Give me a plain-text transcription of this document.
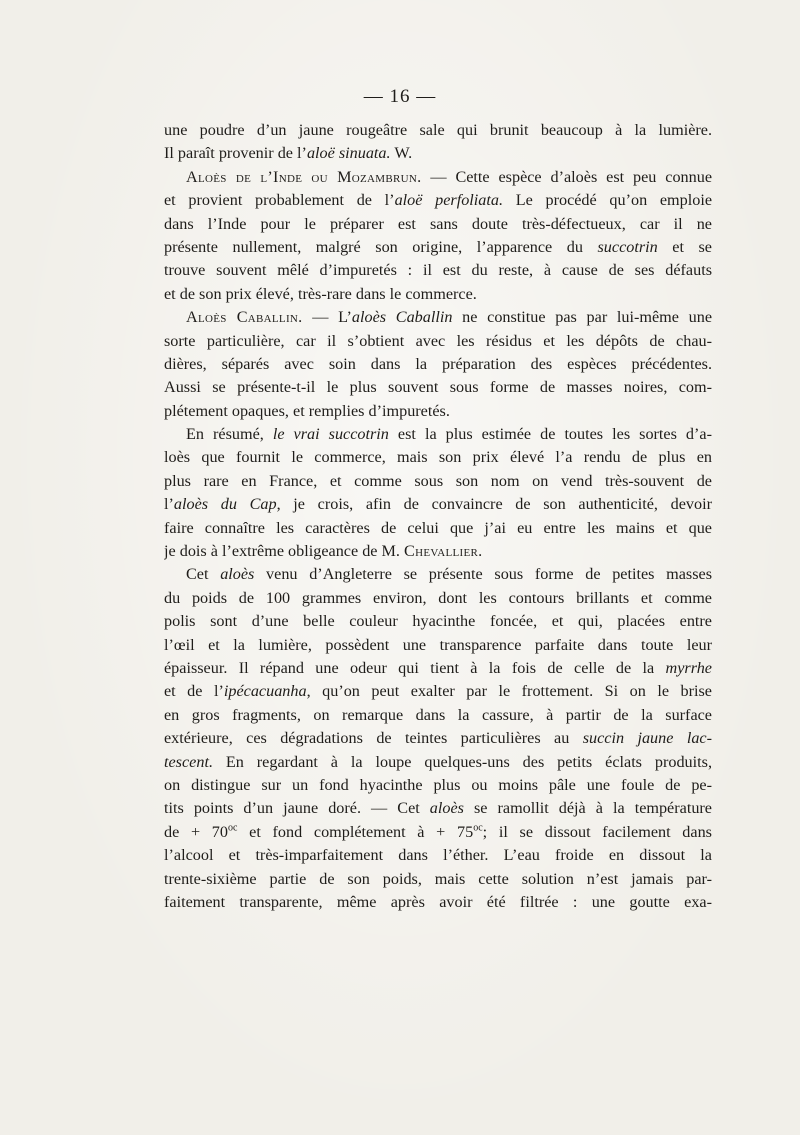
— 16 —
une poudre d’un jaune rougeâtre sale qui brunit beaucoup à la lumière.
Il paraît provenir de l’aloë sinuata. W.
Aloès de l’Inde ou Mozambrun. — Cette espèce d’aloès est peu connue
et provient probablement de l’aloë perfoliata. Le procédé qu’on emploie
dans l’Inde pour le préparer est sans doute très-défectueux, car il ne
présente nullement, malgré son origine, l’apparence du succotrin et se
trouve souvent mêlé d’impuretés : il est du reste, à cause de ses défauts
et de son prix élevé, très-rare dans le commerce.
Aloès Caballin. — L’aloès Caballin ne constitue pas par lui-même une
sorte particulière, car il s’obtient avec les résidus et les dépôts de chau-
dières, séparés avec soin dans la préparation des espèces précédentes.
Aussi se présente-t-il le plus souvent sous forme de masses noires, com-
plétement opaques, et remplies d’impuretés.
En résumé, le vrai succotrin est la plus estimée de toutes les sortes d’a-
loès que fournit le commerce, mais son prix élevé l’a rendu de plus en
plus rare en France, et comme sous son nom on vend très-souvent de
l’aloès du Cap, je crois, afin de convaincre de son authenticité, devoir
faire connaître les caractères de celui que j’ai eu entre les mains et que
je dois à l’extrême obligeance de M. Chevallier.
Cet aloès venu d’Angleterre se présente sous forme de petites masses
du poids de 100 grammes environ, dont les contours brillants et comme
polis sont d’une belle couleur hyacinthe foncée, et qui, placées entre
l’œil et la lumière, possèdent une transparence parfaite dans toute leur
épaisseur. Il répand une odeur qui tient à la fois de celle de la myrrhe
et de l’ipécacuanha, qu’on peut exalter par le frottement. Si on le brise
en gros fragments, on remarque dans la cassure, à partir de la surface
extérieure, ces dégradations de teintes particulières au succin jaune lac-
tescent. En regardant à la loupe quelques-uns des petits éclats produits,
on distingue sur un fond hyacinthe plus ou moins pâle une foule de pe-
tits points d’un jaune doré. — Cet aloès se ramollit déjà à la température
de + $70^{oc}$ et fond complétement à + $75^{oc}$; il se dissout facilement dans
l’alcool et très-imparfaitement dans l’éther. L’eau froide en dissout la
trente-sixième partie de son poids, mais cette solution n’est jamais par-
faitement transparente, même après avoir été filtrée : une goutte exa-
